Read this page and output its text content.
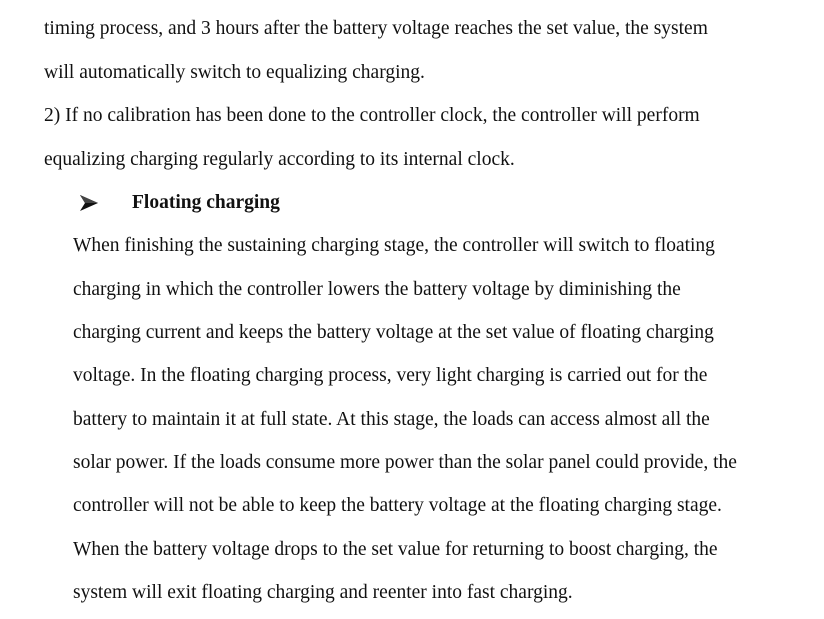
timing process, and 3 hours after the battery voltage reaches the set value, the system

will automatically switch to equalizing charging.

2) If no calibration has been done to the controller clock, the controller will perform

equalizing charging regularly according to its internal clock.

Floating charging

When finishing the sustaining charging stage, the controller will switch to floating

charging in which the controller lowers the battery voltage by diminishing the

charging current and keeps the battery voltage at the set value of floating charging

voltage. In the floating charging process, very light charging is carried out for the

battery to maintain it at full state. At this stage, the loads can access almost all the

solar power. If the loads consume more power than the solar panel could provide, the

controller will not be able to keep the battery voltage at the floating charging stage.

When the battery voltage drops to the set value for returning to boost charging, the

system will exit floating charging and reenter into fast charging.
